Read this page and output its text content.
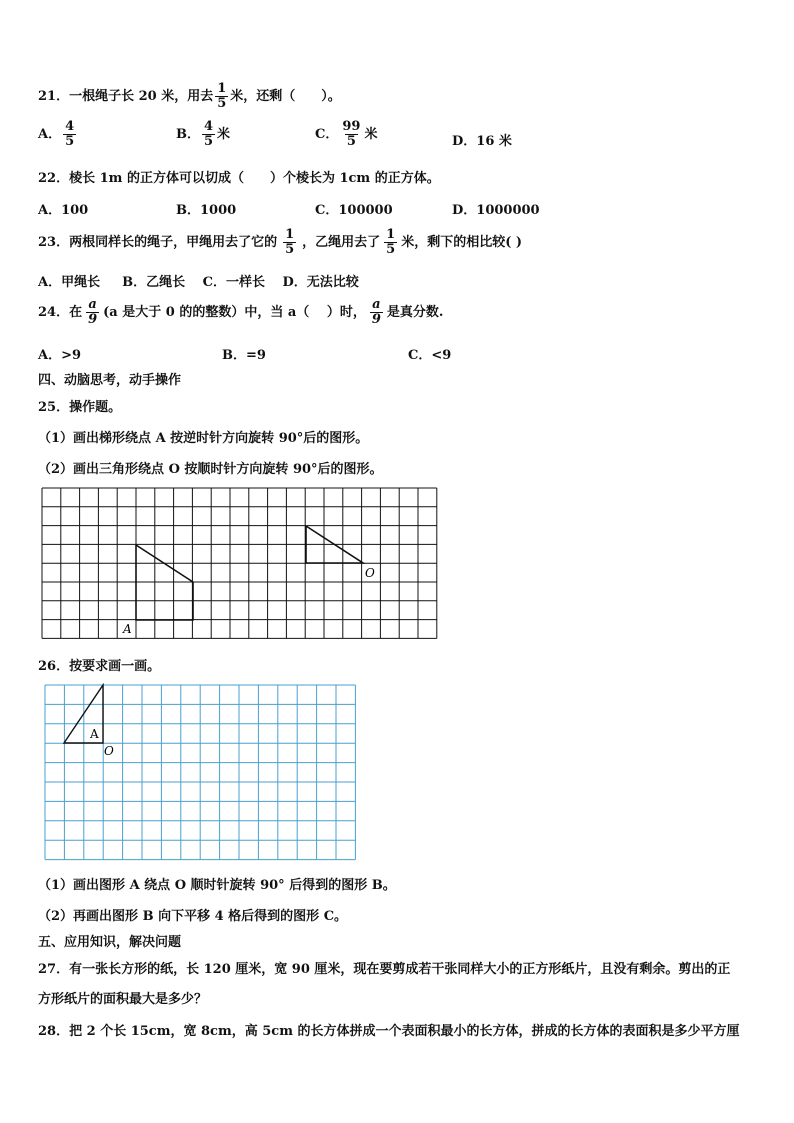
21．一根绳子长 20 米，用去 $\frac{1}{5}$ 米，还剩（　　）。
A． $\frac{4}{5}$	B． $\frac{4}{5}$ 米	C． $\frac{99}{5}$ 米	D．16 米
22．棱长 1m 的正方体可以切成（　　）个棱长为 1cm 的正方体。
A．100	B．1000	C．100000	D．1000000
23．两根同样长的绳子，甲绳用去了它的 $\frac{1}{5}$ ，乙绳用去了 $\frac{1}{5}$ 米，剩下的相比较( )
A．甲绳长　  B．乙绳长　 C．一样长　 D．无法比较
24．在 $\frac{a}{9} (a$ 是大于 0 的的整数）中，当 a（　 ）时， $\frac{a}{9}$ 是真分数.
A．>9	B．=9	C．<9
四、动脑思考，动手操作
25．操作题。
（1）画出梯形绕点 A 按逆时针方向旋转 90°后的图形。
（2）画出三角形绕点 O 按顺时针方向旋转 90°后的图形。
A
O
26．按要求画一画。
A
O
（1）画出图形 A 绕点 O 顺时针旋转 90° 后得到的图形 B。
（2）再画出图形 B 向下平移 4 格后得到的图形 C。
五、应用知识，解决问题
27．有一张长方形的纸，长 120 厘米，宽 90 厘米，现在要剪成若干张同样大小的正方形纸片，且没有剩余。剪出的正
方形纸片的面积最大是多少？
28．把 2 个长 15cm，宽 8cm，高 5cm 的长方体拼成一个表面积最小的长方体，拼成的长方体的表面积是多少平方厘
